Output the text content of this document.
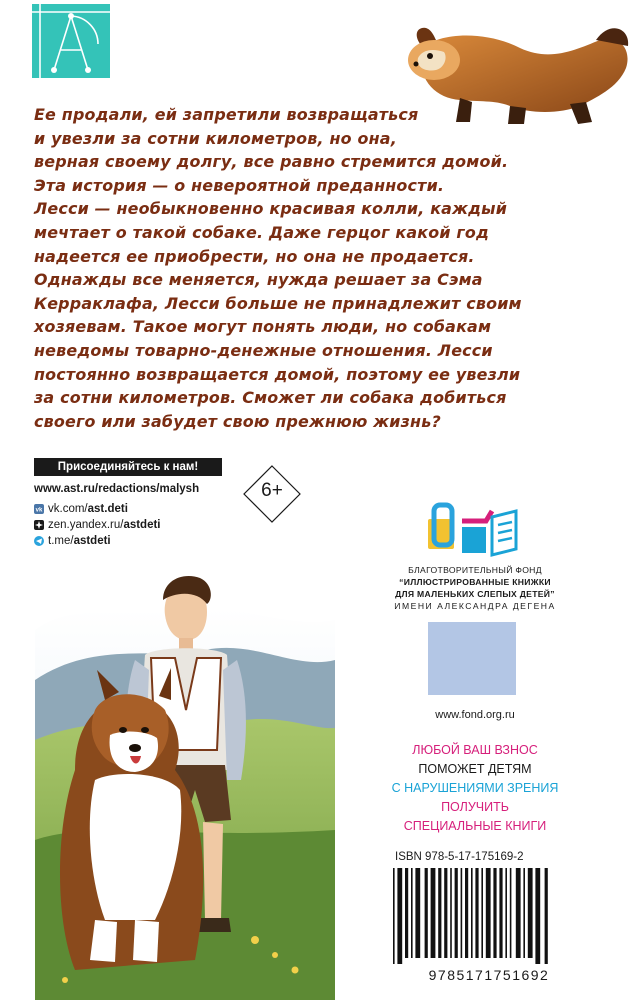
Ее продали, ей запретили возвращаться
и увезли за сотни километров, но она,
верная своему долгу, все равно стремится домой.
Эта история — о невероятной преданности.
Лесси — необыкновенно красивая колли, каждый
мечтает о такой собаке. Даже герцог какой год
надеется ее приобрести, но она не продается.
Однажды все меняется, нужда решает за Сэма
Керраклафа, Лесси больше не принадлежит своим
хозяевам. Такое могут понять люди, но собакам
неведомы товарно-денежные отношения. Лесси
постоянно возвращается домой, поэтому ее увезли
за сотни километров. Сможет ли собака добиться
своего или забудет свою прежнюю жизнь?
Присоединяйтесь к нам!
www.ast.ru/redactions/malysh
vk vk.com/ast.deti
zen.yandex.ru/astdeti
t.me/astdeti
6+
БЛАГОТВОРИТЕЛЬНЫЙ ФОНД
“ИЛЛЮСТРИРОВАННЫЕ КНИЖКИ
ДЛЯ МАЛЕНЬКИХ СЛЕПЫХ ДЕТЕЙ”
ИМЕНИ АЛЕКСАНДРА ДЕГЕНА
www.fond.org.ru
ЛЮБОЙ ВАШ ВЗНОС
ПОМОЖЕТ ДЕТЯМ
С НАРУШЕНИЯМИ ЗРЕНИЯ
ПОЛУЧИТЬ
СПЕЦИАЛЬНЫЕ КНИГИ
ISBN 978-5-17-175169-2
9785171751692
